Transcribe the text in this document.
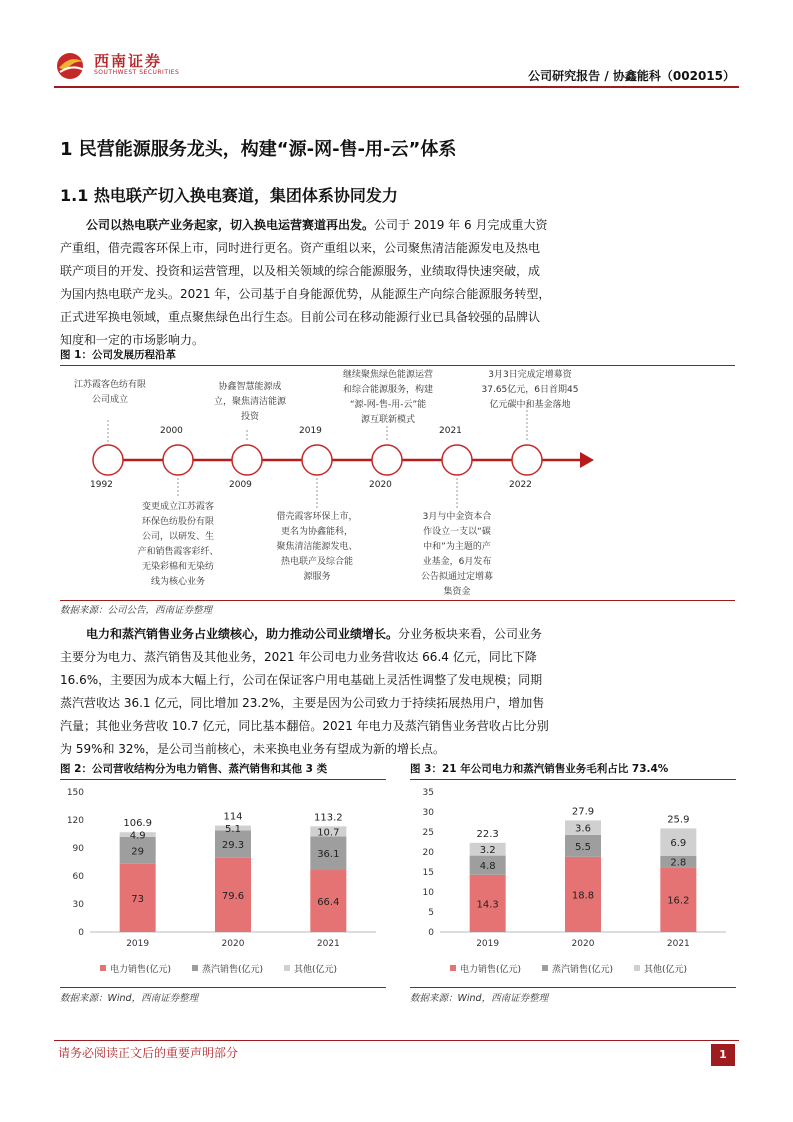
西南证券
SOUTHWEST SECURITIES	公司研究报告 / 协鑫能科（002015）
1 民营能源服务龙头，构建“源-网-售-用-云”体系
1.1 热电联产切入换电赛道，集团体系协同发力
公司以热电联产业务起家，切入换电运营赛道再出发。公司于 2019 年 6 月完成重大资
产重组，借壳霞客环保上市，同时进行更名。资产重组以来，公司聚焦清洁能源发电及热电
联产项目的开发、投资和运营管理，以及相关领域的综合能源服务，业绩取得快速突破，成
为国内热电联产龙头。2021 年，公司基于自身能源优势，从能源生产向综合能源服务转型，
正式进军换电领域，重点聚焦绿色出行生态。目前公司在移动能源行业已具备较强的品牌认
知度和一定的市场影响力。
图 1：公司发展历程沿革
1992
2000
2009
2019
2020
2021
2022
江苏霞客色纺有限
公司成立
协鑫智慧能源成
立，聚焦清洁能源
投资
继续聚焦绿色能源运营
和综合能源服务，构建
“源-网-售-用-云”能
源互联新模式
3月3日完成定增募资
37.65亿元，6日首期45
亿元碳中和基金落地
变更成立江苏霞客
环保色纺股份有限
公司，以研发、生
产和销售霞客彩纤、
无染彩棉和无染纺
线为核心业务
借壳霞客环保上市，
更名为协鑫能科，
聚焦清洁能源发电、
热电联产及综合能
源服务
3月与中金资本合
作设立一支以“碳
中和”为主题的产
业基金，6月发布
公告拟通过定增募
集资金
数据来源：公司公告，西南证券整理
电力和蒸汽销售业务占业绩核心，助力推动公司业绩增长。分业务板块来看，公司业务
主要分为电力、蒸汽销售及其他业务，2021 年公司电力业务营收达 66.4 亿元，同比下降
16.6%，主要因为成本大幅上行，公司在保证客户用电基础上灵活性调整了发电规模；同期
蒸汽营收达 36.1 亿元，同比增加 23.2%，主要是因为公司致力于持续拓展热用户，增加售
汽量；其他业务营收 10.7 亿元，同比基本翻倍。2021 年电力及蒸汽销售业务营收占比分别
为 59%和 32%，是公司当前核心，未来换电业务有望成为新的增长点。
图 2：公司营收结构分为电力销售、蒸汽销售和其他 3 类	图 3：21 年公司电力和蒸汽销售业务毛利占比 73.4%
0
30
60
90
120
150
73
29
4.9
106.9
2019
79.6
29.3
5.1
114
2020
66.4
36.1
10.7
113.2
2021
电力销售(亿元)	蒸汽销售(亿元)	其他(亿元)
0
5
10
15
20
25
30
35
14.3
4.8
3.2
22.3
2019
18.8
5.5
3.6
27.9
2020
16.2
2.8
6.9
25.9
2021
电力销售(亿元)	蒸汽销售(亿元)	其他(亿元)
数据来源：Wind，西南证券整理	数据来源：Wind，西南证券整理
请务必阅读正文后的重要声明部分	1
